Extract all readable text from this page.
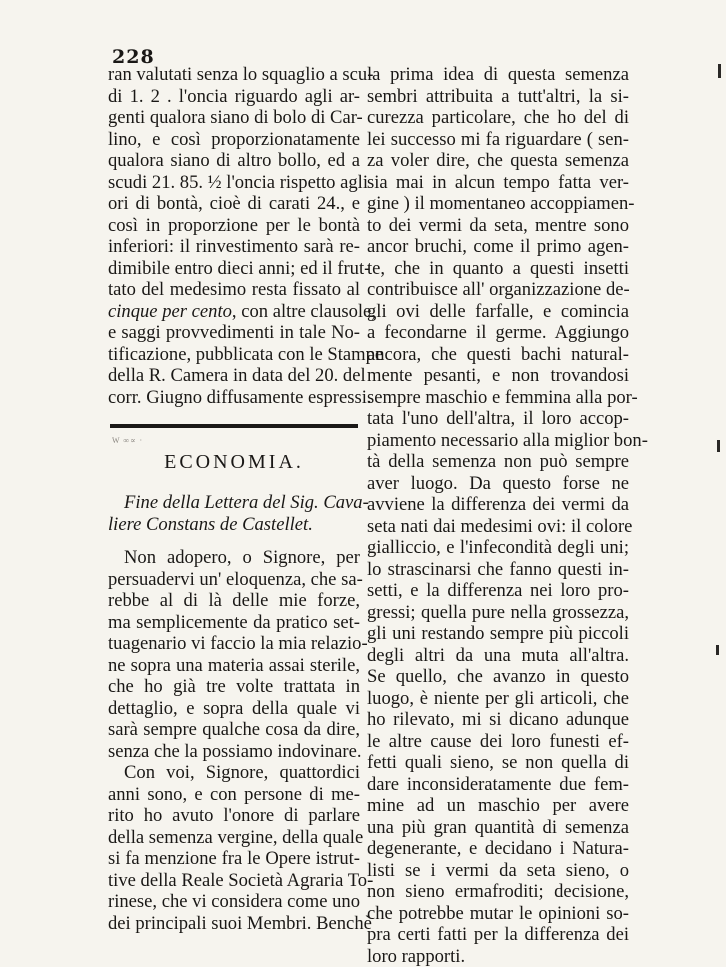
228
ran valutati senza lo squaglio a scu-
di 1. 2 . l'oncia riguardo agli ar-
genti qualora siano di bolo di Car-
lino, e così proporzionatamente
qualora siano di altro bollo, ed a
scudi 21. 85. ½ l'oncia rispetto agli
ori di bontà, cioè di carati 24., e
così in proporzione per le bontà
inferiori: il rinvestimento sarà re-
dimibile entro dieci anni; ed il frut-
tato del medesimo resta fissato al
cinque per cento, con altre clausole,
e saggi provvedimenti in tale No-
tificazione, pubblicata con le Stampe
della R. Camera in data del 20. del
corr. Giugno diffusamente espressi.
W ∞∝ ·
ECONOMIA.
Fine della Lettera del Sig. Cava-
liere Constans de Castellet.
Non adopero, o Signore, per
persuadervi un' eloquenza, che sa-
rebbe al di là delle mie forze,
ma semplicemente da pratico set-
tuagenario vi faccio la mia relazio-
ne sopra una materia assai sterile,
che ho già tre volte trattata in
dettaglio, e sopra della quale vi
sarà sempre qualche cosa da dire,
senza che la possiamo indovinare.
Con voi, Signore, quattordici
anni sono, e con persone di me-
rito ho avuto l'onore di parlare
della semenza vergine, della quale
si fa menzione fra le Opere istrut-
tive della Reale Società Agraria To-
rinese, che vi considera come uno
dei principali suoi Membri. Benchè
la prima idea di questa semenza
sembri attribuita a tutt'altri, la si-
curezza particolare, che ho del di
lei successo mi fa riguardare ( sen-
za voler dire, che questa semenza
sia mai in alcun tempo fatta ver-
gine ) il momentaneo accoppiamen-
to dei vermi da seta, mentre sono
ancor bruchi, come il primo agen-
te, che in quanto a questi insetti
contribuisce all' organizzazione de-
gli ovi delle farfalle, e comincia
a fecondarne il germe. Aggiungo
ancora, che questi bachi natural-
mente pesanti, e non trovandosi
sempre maschio e femmina alla por-
tata l'uno dell'altra, il loro accop-
piamento necessario alla miglior bon-
tà della semenza non può sempre
aver luogo. Da questo forse ne
avviene la differenza dei vermi da
seta nati dai medesimi ovi: il colore
gialliccio, e l'infecondità degli uni;
lo strascinarsi che fanno questi in-
setti, e la differenza nei loro pro-
gressi; quella pure nella grossezza,
gli uni restando sempre più piccoli
degli altri da una muta all'altra.
Se quello, che avanzo in questo
luogo, è niente per gli articoli, che
ho rilevato, mi si dicano adunque
le altre cause dei loro funesti ef-
fetti quali sieno, se non quella di
dare inconsideratamente due fem-
mine ad un maschio per avere
una più gran quantità di semenza
degenerante, e decidano i Natura-
listi se i vermi da seta sieno, o
non sieno ermafroditi; decisione,
che potrebbe mutar le opinioni so-
pra certi fatti per la differenza dei
loro rapporti.
